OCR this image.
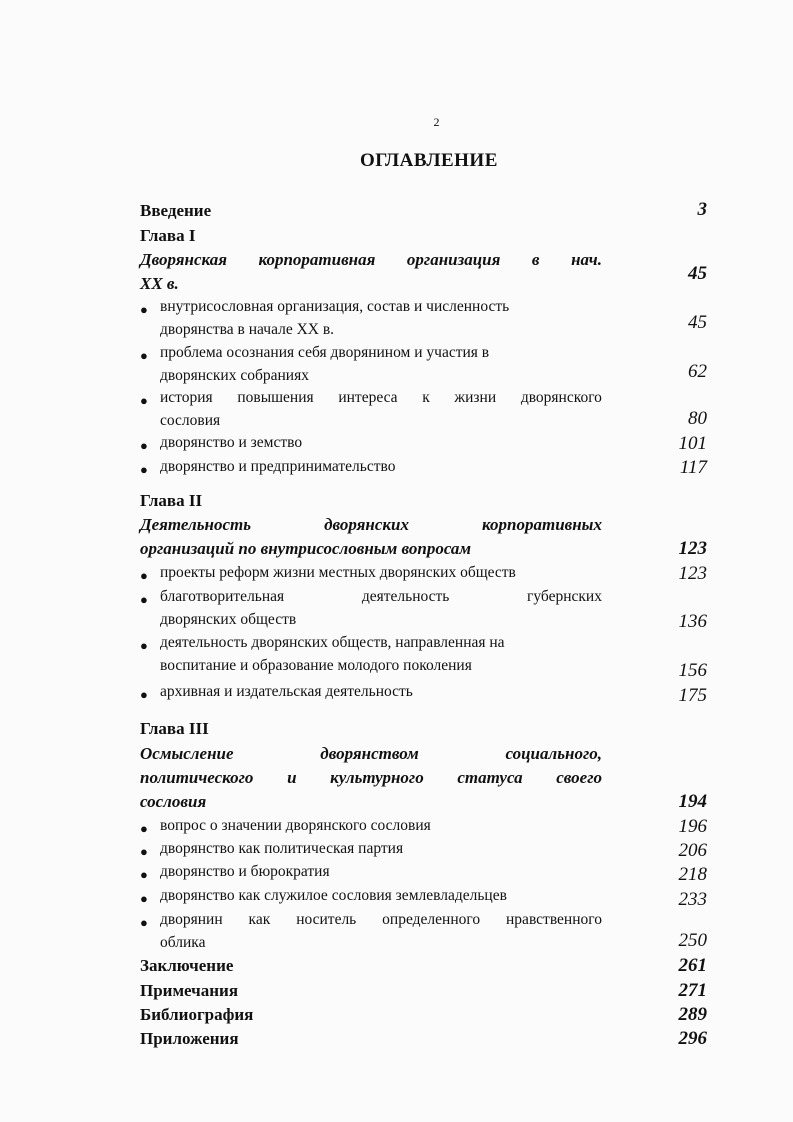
2
ОГЛАВЛЕНИЕ
Введение	3
Глава I
Дворянская корпоративная организация в нач.
XX в.	45
● внутрисословная организация, состав и численность
дворянства в начале XX в.	45
● проблема осознания себя дворянином и участия в
дворянских собраниях	62
● история повышения интереса к жизни дворянского
сословия	80
● дворянство и земство	101
● дворянство и предпринимательство	117
Глава II
Деятельность	дворянских	корпоративных
организаций по внутрисословным вопросам	123
● проекты реформ жизни местных дворянских обществ	123
● благотворительная	деятельность	губернских
дворянских обществ	136
● деятельность дворянских обществ, направленная на
воспитание и образование молодого поколения	156
● архивная и издательская деятельность	175
Глава III
Осмысление	дворянством	социального,
политического и культурного статуса своего
сословия	194
● вопрос о значении дворянского сословия	196
● дворянство как политическая партия	206
● дворянство и бюрократия	218
● дворянство как служилое сословия землевладельцев	233
● дворянин как носитель определенного нравственного
облика	250
Заключение	261
Примечания	271
Библиография	289
Приложения	296
